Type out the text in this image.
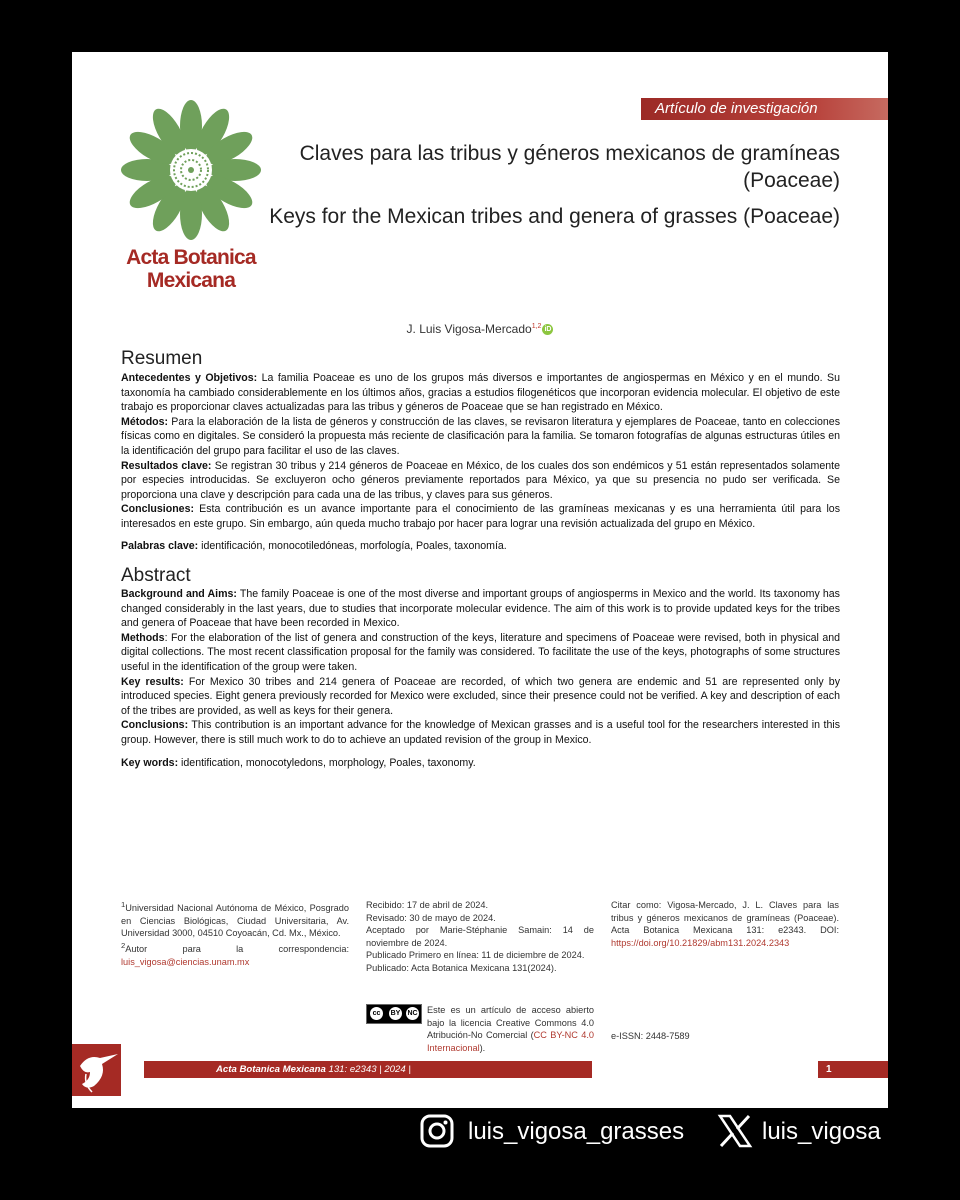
Artículo de investigación
Acta Botanica
Mexicana
Claves para las tribus y géneros mexicanos de gramíneas (Poaceae)
Keys for the Mexican tribes and genera of grasses (Poaceae)
J. Luis Vigosa-Mercado$^{1,2}$ iD
Resumen

Antecedentes y Objetivos: La familia Poaceae es uno de los grupos más diversos e importantes de angiospermas en México y en el mundo. Su taxonomía ha cambiado considerablemente en los últimos años, gracias a estudios filogenéticos que incorporan evidencia molecular. El objetivo de este trabajo es proporcionar claves actualizadas para las tribus y géneros de Poaceae que se han registrado en México.

Métodos: Para la elaboración de la lista de géneros y construcción de las claves, se revisaron literatura y ejemplares de Poaceae, tanto en colecciones físicas como en digitales. Se consideró la propuesta más reciente de clasificación para la familia. Se tomaron fotografías de algunas estructuras útiles en la identificación del grupo para facilitar el uso de las claves.

Resultados clave: Se registran 30 tribus y 214 géneros de Poaceae en México, de los cuales dos son endémicos y 51 están representados solamente por especies introducidas. Se excluyeron ocho géneros previamente reportados para México, ya que su presencia no pudo ser verificada. Se proporciona una clave y descripción para cada una de las tribus, y claves para sus géneros.

Conclusiones: Esta contribución es un avance importante para el conocimiento de las gramíneas mexicanas y es una herramienta útil para los interesados en este grupo. Sin embargo, aún queda mucho trabajo por hacer para lograr una revisión actualizada del grupo en México.

Palabras clave: identificación, monocotiledóneas, morfología, Poales, taxonomía.
Abstract

Background and Aims: The family Poaceae is one of the most diverse and important groups of angiosperms in Mexico and the world. Its taxonomy has changed considerably in the last years, due to studies that incorporate molecular evidence. The aim of this work is to provide updated keys for the tribes and genera of Poaceae that have been recorded in Mexico.

Methods: For the elaboration of the list of genera and construction of the keys, literature and specimens of Poaceae were revised, both in physical and digital collections. The most recent classification proposal for the family was considered. To facilitate the use of the keys, photographs of some structures useful in the identification of the group were taken.

Key results: For Mexico 30 tribes and 214 genera of Poaceae are recorded, of which two genera are endemic and 51 are represented only by introduced species. Eight genera previously recorded for Mexico were excluded, since their presence could not be verified. A key and description of each of the tribes are provided, as well as keys for their genera.

Conclusions: This contribution is an important advance for the knowledge of Mexican grasses and is a useful tool for the researchers interested in this group. However, there is still much work to do to achieve an updated revision of the group in Mexico.

Key words: identification, monocotyledons, morphology, Poales, taxonomy.

$^1$Universidad Nacional Autónoma de México, Posgrado en Ciencias Biológicas, Ciudad Universitaria, Av. Universidad 3000, 04510 Coyoacán, Cd. Mx., México.

$^2$Autor para la correspondencia: luis_vigosa@ciencias.unam.mx

Recibido: 17 de abril de 2024.

Revisado: 30 de mayo de 2024.

Aceptado por Marie-Stéphanie Samain: 14 de noviembre de 2024.

Publicado Primero en línea: 11 de diciembre de 2024.

Publicado: Acta Botanica Mexicana 131(2024).

Citar como: Vigosa-Mercado, J. L. Claves para las tribus y géneros mexicanos de gramíneas (Poaceae). Acta Botanica Mexicana 131: e2343. DOI: https://doi.org/10.21829/abm131.2024.2343
cc	BY NC Este es un artículo de acceso abierto bajo la licencia Creative Commons 4.0 Atribución-No Comercial (CC BY-NC 4.0 Internacional).
e-ISSN: 2448-7589
Acta Botanica Mexicana 131: e2343 | 2024 | https://doi.org/10.21829/abm131.2024.2343
1
luis_vigosa_grasses	luis_vigosa
